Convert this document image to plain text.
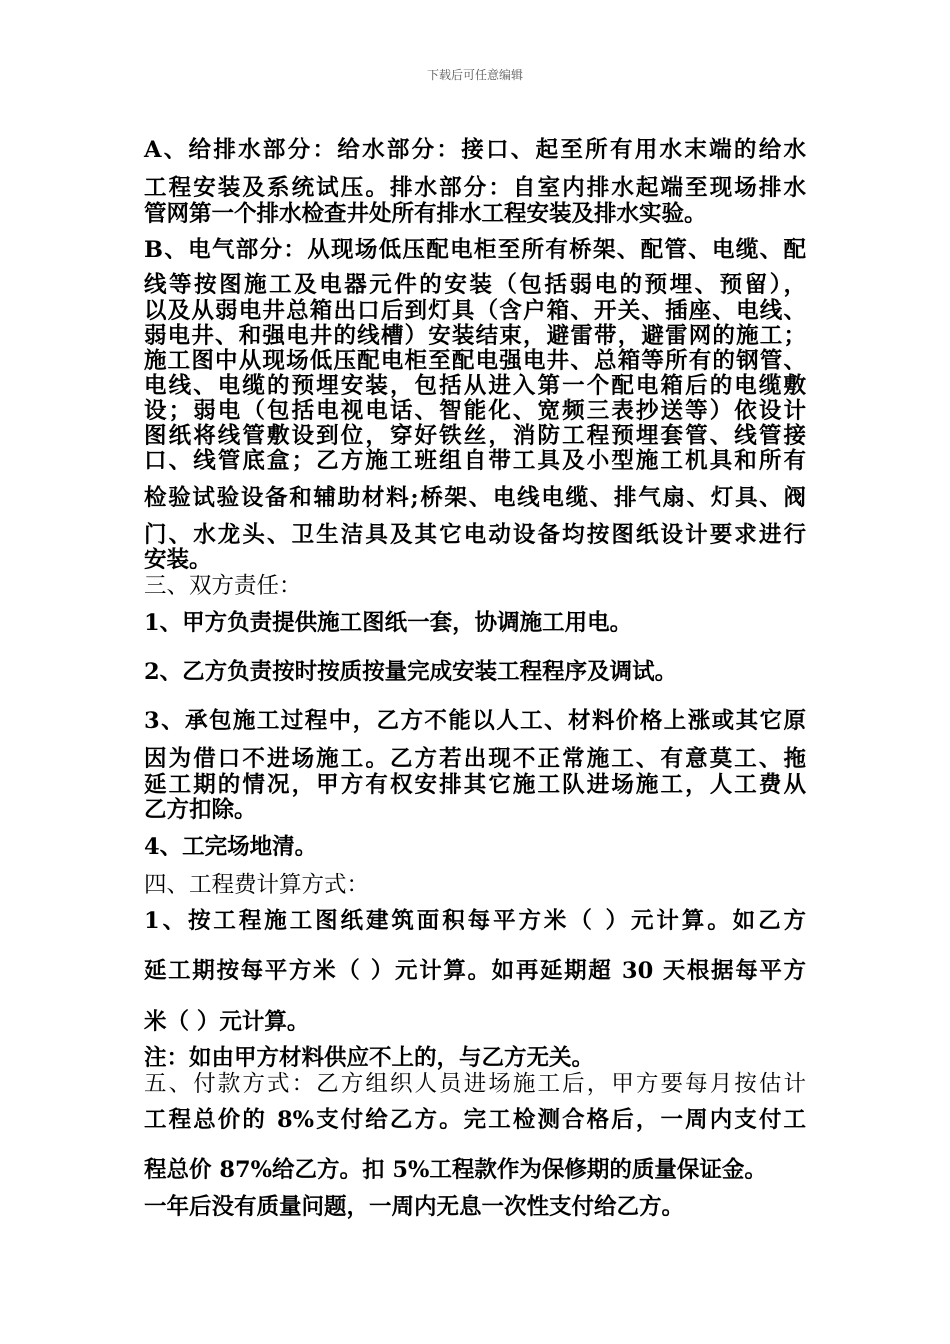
下载后可任意编辑
A、给排水部分：给水部分：接口、起至所有用水末端的给水
工程安装及系统试压。排水部分：自室内排水起端至现场排水
管网第一个排水检查井处所有排水工程安装及排水实验。
B、电气部分：从现场低压配电柜至所有桥架、配管、电缆、配
线等按图施工及电器元件的安装（包括弱电的预埋、预留），
以及从弱电井总箱出口后到灯具（含户箱、开关、插座、电线、
弱电井、和强电井的线槽）安装结束，避雷带，避雷网的施工；
施工图中从现场低压配电柜至配电强电井、总箱等所有的钢管、
电线、电缆的预埋安装，包括从进入第一个配电箱后的电缆敷
设；弱电（包括电视电话、智能化、宽频三表抄送等）依设计
图纸将线管敷设到位，穿好铁丝，消防工程预埋套管、线管接
口、线管底盒；乙方施工班组自带工具及小型施工机具和所有
检验试验设备和辅助材料;桥架、电线电缆、排气扇、灯具、阀
门、水龙头、卫生洁具及其它电动设备均按图纸设计要求进行
安装。
三、双方责任：
1、甲方负责提供施工图纸一套，协调施工用电。
2、乙方负责按时按质按量完成安装工程程序及调试。
3、承包施工过程中，乙方不能以人工、材料价格上涨或其它原
因为借口不进场施工。乙方若出现不正常施工、有意莫工、拖
延工期的情况，甲方有权安排其它施工队进场施工，人工费从
乙方扣除。
4、工完场地清。
四、工程费计算方式：
1、按工程施工图纸建筑面积每平方米（ ）元计算。如乙方
延工期按每平方米（ ）元计算。如再延期超 30 天根据每平方
米（ ）元计算。
注：如由甲方材料供应不上的，与乙方无关。
五、付款方式：乙方组织人员进场施工后，甲方要每月按估计
工程总价的 8%支付给乙方。完工检测合格后，一周内支付工
程总价 87%给乙方。扣 5%工程款作为保修期的质量保证金。
一年后没有质量问题，一周内无息一次性支付给乙方。
